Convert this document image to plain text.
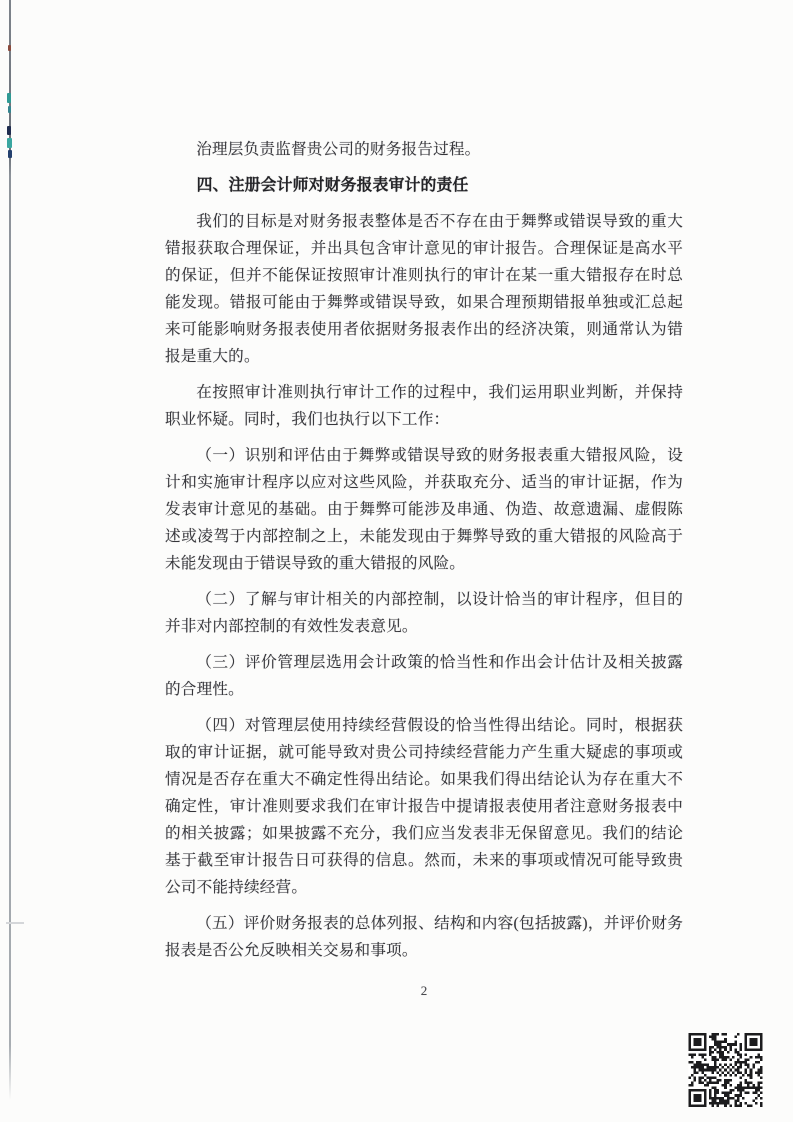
治理层负责监督贵公司的财务报告过程。

四、注册会计师对财务报表审计的责任

我们的目标是对财务报表整体是否不存在由于舞弊或错误导致的重大错报获取合理保证，并出具包含审计意见的审计报告。合理保证是高水平的保证，但并不能保证按照审计准则执行的审计在某一重大错报存在时总能发现。错报可能由于舞弊或错误导致，如果合理预期错报单独或汇总起来可能影响财务报表使用者依据财务报表作出的经济决策，则通常认为错报是重大的。

在按照审计准则执行审计工作的过程中，我们运用职业判断，并保持职业怀疑。同时，我们也执行以下工作：

（一）识别和评估由于舞弊或错误导致的财务报表重大错报风险，设计和实施审计程序以应对这些风险，并获取充分、适当的审计证据，作为发表审计意见的基础。由于舞弊可能涉及串通、伪造、故意遗漏、虚假陈述或凌驾于内部控制之上，未能发现由于舞弊导致的重大错报的风险高于未能发现由于错误导致的重大错报的风险。

（二）了解与审计相关的内部控制，以设计恰当的审计程序，但目的并非对内部控制的有效性发表意见。

（三）评价管理层选用会计政策的恰当性和作出会计估计及相关披露的合理性。

（四）对管理层使用持续经营假设的恰当性得出结论。同时，根据获取的审计证据，就可能导致对贵公司持续经营能力产生重大疑虑的事项或情况是否存在重大不确定性得出结论。如果我们得出结论认为存在重大不确定性，审计准则要求我们在审计报告中提请报表使用者注意财务报表中的相关披露；如果披露不充分，我们应当发表非无保留意见。我们的结论基于截至审计报告日可获得的信息。然而，未来的事项或情况可能导致贵公司不能持续经营。

（五）评价财务报表的总体列报、结构和内容(包括披露)，并评价财务报表是否公允反映相关交易和事项。

2
